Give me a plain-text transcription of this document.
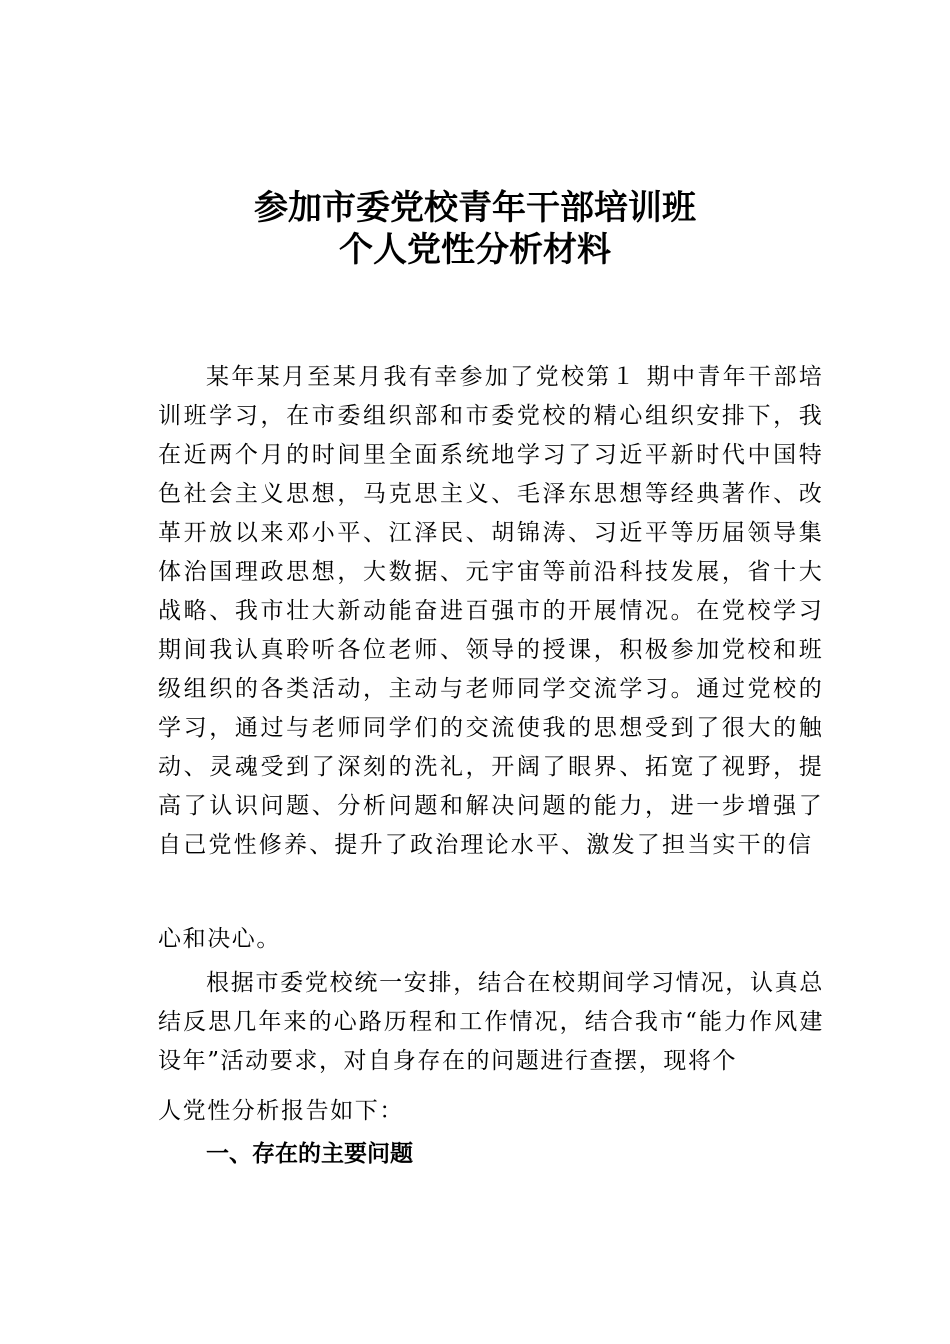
参加市委党校青年干部培训班
个人党性分析材料
某年某月至某月我有幸参加了党校第１ 期中青年干部培 训班学习，在市委组织部和市委党校的精心组织安排下，我 在近两个月的时间里全面系统地学习了习近平新时代中国特 色社会主义思想，马克思主义、毛泽东思想等经典著作、改 革开放以来邓小平、江泽民、胡锦涛、习近平等历届领导集 体治国理政思想，大数据、元宇宙等前沿科技发展，省十大 战略、我市壮大新动能奋进百强市的开展情况。在党校学习 期间我认真聆听各位老师、领导的授课，积极参加党校和班 级组织的各类活动，主动与老师同学交流学习。通过党校的 学习，通过与老师同学们的交流使我的思想受到了很大的触 动、灵魂受到了深刻的洗礼，开阔了眼界、拓宽了视野，提 高了认识问题、分析问题和解决问题的能力，进一步增强了 自己党性修养、提升了政治理论水平、激发了担当实干的信
心和决心。
根据市委党校统一安排，结合在校期间学习情况，认真总结反思几年来的心路历程和工作情况，结合我市“能力作风建设年”活动要求，对自身存在的问题进行查摆，现将个
人党性分析报告如下：
一、存在的主要问题
